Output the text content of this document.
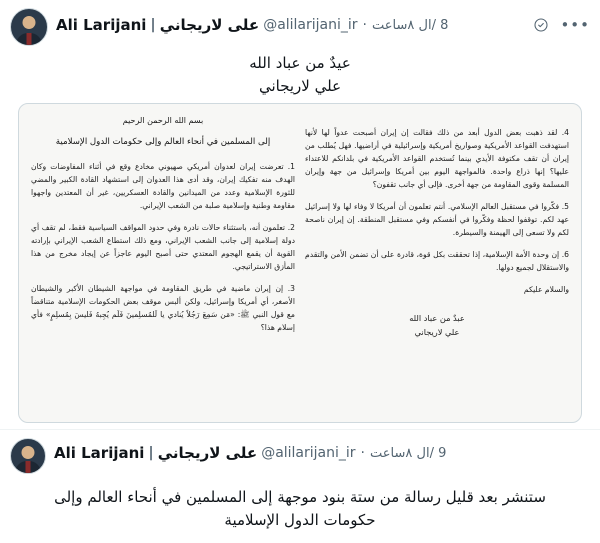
Ali Larijani | على لاريجاني @alilarijani_ir · 8 ‏‏/‏ال‏‏ ٨ساعت	•••
عيدٌ من عباد الله
علي لاريجاني
بسم الله الرحمن الرحيم
إلى المسلمين في أنحاء العالم وإلى حكومات الدول الإسلامية
1. تعرضت إيران لعدوان أمريكي صهيوني مخادع وقع في أثناء المفاوضات وكان الهدف منه تفكيك إيران، وقد أدى هذا العدوان إلى استشهاد القادة الكبير والمضي للثورة الإسلامية وعدد من الميدانين والقادة العسكريين، غير أن المعتدين واجهوا مقاومة وطنية وإسلامية صلبة من الشعب الإيراني.
2. تعلمون أنه، باستثناء حالات نادرة وفي حدود المواقف السياسية فقط، لم تقف أي دولة إسلامية إلى جانب الشعب الإيراني، ومع ذلك استطاع الشعب الإيراني بإرادته القوية أن يقمع الهجوم المعتدي حتى أصبح اليوم عاجزاً عن إيجاد مخرج من هذا المأزق الاستراتيجي.
3. إن إيران ماضية في طريق المقاومة في مواجهة الشيطان الأكبر والشيطان الأصغر، أي أمريكا وإسرائيل، ولكن ألبس موقف بعض الحكومات الإسلامية متناقضاً مع قول النبي ﷺ: «مَن سَمِعَ رَجُلاً يُنادي يا لَلمُسلِمينَ فَلَم يُجِبهُ فَليسَ بِمُسلِمٍ» فأي إسلام هذا؟
4. لقد ذهبت بعض الدول أبعد من ذلك فقالت إن إيران أصبحت عدواً لها لأنها استهدفت القواعد الأمريكية وصواريخ أمريكية وإسرائيلية في أراضيها. فهل يُطلب من إيران أن تقف مكتوفة الأيدي بينما تُستخدم القواعد الأمريكية في بلدانكم للاعتداء عليها؟ إنها ذراع واحدة. فالمواجهة اليوم بين أمريكا وإسرائيل من جهة وإيران المسلمة وقوى المقاومة من جهة أخرى. فإلى أي جانب تقفون؟
5. فكّروا في مستقبل العالم الإسلامي. أنتم تعلمون أن أمريكا لا وفاء لها ولا إسرائيل عهد لكم. توقفوا لحظة وفكّروا في أنفسكم وفي مستقبل المنطقة. إن إيران ناصحة لكم ولا تسعى إلى الهيمنة والسيطرة.
6. إن وحدة الأمة الإسلامية، إذا تحققت بكل قوة، قادرة على أن تضمن الأمن والتقدم والاستقلال لجميع دولها.
والسلام عليكم
عبدٌ من عباد الله
علي لاريجاني
Ali Larijani | على لاريجاني @alilarijani_ir · 9 ‏‏/‏ال‏‏ ٨ساعت
ستنشر بعد قليل رسالة من ستة بنود موجهة إلى المسلمين في أنحاء العالم وإلى
حكومات الدول الإسلامية
